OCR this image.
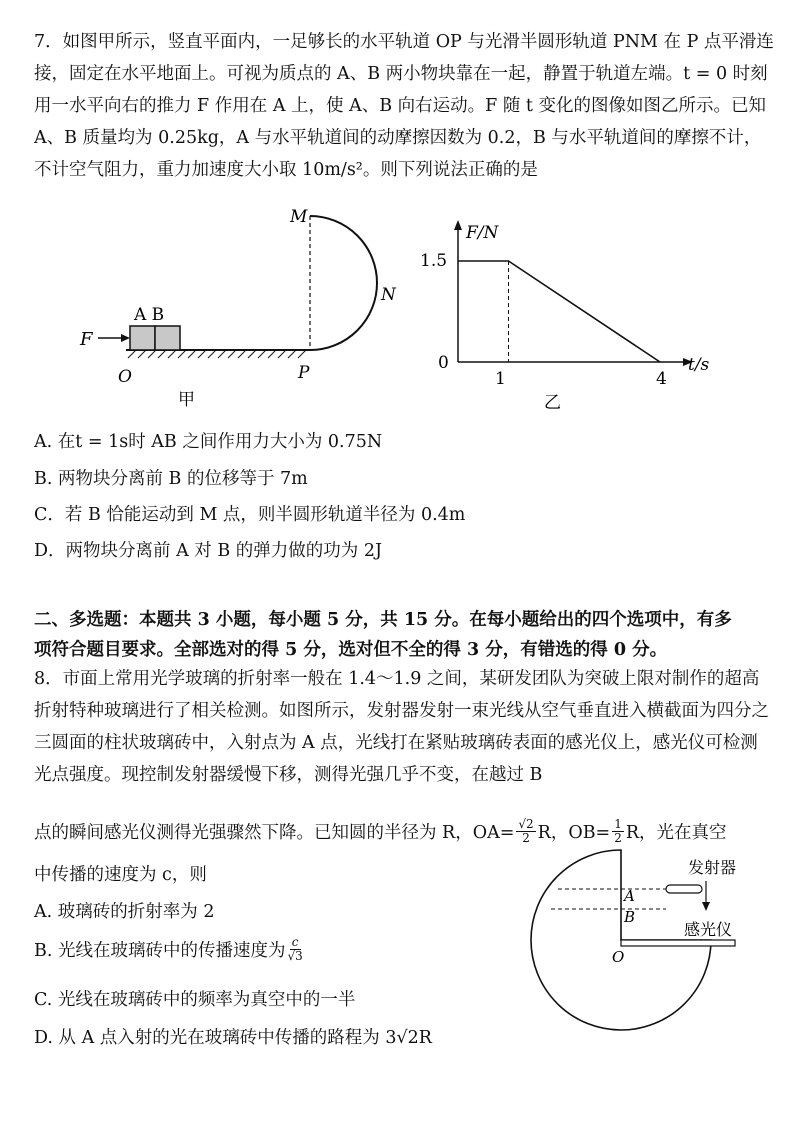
7．如图甲所示，竖直平面内，一足够长的水平轨道 OP 与光滑半圆形轨道 PNM 在 P 点平滑连接，固定在水平地面上。可视为质点的 A、B 两小物块靠在一起，静置于轨道左端。t = 0 时刻用一水平向右的推力 F 作用在 A 上，使 A、B 向右运动。F 随 t 变化的图像如图乙所示。已知 A、B 质量均为 0.25kg，A 与水平轨道间的动摩擦因数为 0.2，B 与水平轨道间的摩擦不计，不计空气阻力，重力加速度大小取 10m/s²。则下列说法正确的是

A B
F
O	P
M
N
甲
F/N
t/s
0
1.5
1	4
乙
A. 在t = 1s时 AB 之间作用力大小为 0.75N
B. 两物块分离前 B 的位移等于 7m
C．若 B 恰能运动到 M 点，则半圆形轨道半径为 0.4m
D．两物块分离前 A 对 B 的弹力做的功为 2J
二、多选题：本题共 3 小题，每小题 5 分，共 15 分。在每小题给出的四个选项中，有多
项符合题目要求。全部选对的得 5 分，选对但不全的得 3 分，有错选的得 0 分。

8．市面上常用光学玻璃的折射率一般在 1.4～1.9 之间，某研发团队为突破上限对制作的超高折射特种玻璃进行了相关检测。如图所示，发射器发射一束光线从空气垂直进入横截面为四分之三圆面的柱状玻璃砖中，入射点为 A 点，光线打在紧贴玻璃砖表面的感光仪上，感光仪可检测光点强度。现控制发射器缓慢下移，测得光强几乎不变，在越过 B

点的瞬间感光仪测得光强骤然下降。已知圆的半径为 R，$OA= \frac{√2}{2}$ R，$OB= \frac{1}{2}$ R，光在真空
中传播的速度为 c，则
A. 玻璃砖的折射率为 2
B. 光线在玻璃砖中的传播速度为 $\frac{c}{√3}$
C. 光线在玻璃砖中的频率为真空中的一半
D. 从 A 点入射的光在玻璃砖中传播的路程为 3√2R
发射器
感光仪
A
B
O
